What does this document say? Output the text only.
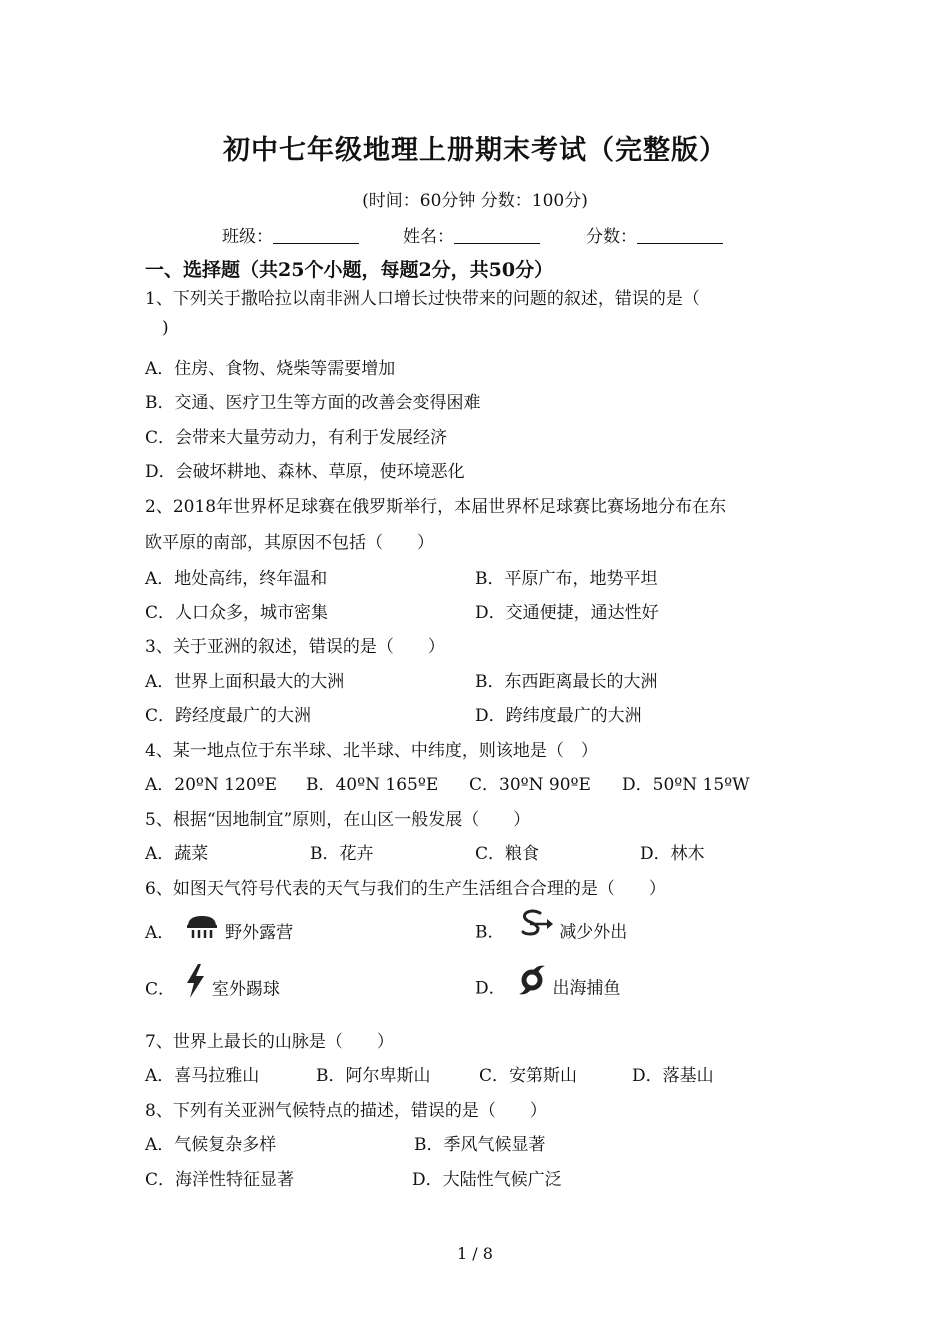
初中七年级地理上册期末考试（完整版）
(时间：60分钟 分数：100分)
班级：	姓名：	分数：
一、选择题（共25个小题，每题2分，共50分）
1、下列关于撒哈拉以南非洲人口增长过快带来的问题的叙述，错误的是（
)
A．住房、食物、烧柴等需要增加
B．交通、医疗卫生等方面的改善会变得困难
C．会带来大量劳动力，有利于发展经济
D．会破坏耕地、森林、草原，使环境恶化
2、2018年世界杯足球赛在俄罗斯举行，本届世界杯足球赛比赛场地分布在东
欧平原的南部，其原因不包括（　　）
A．地处高纬，终年温和	B．平原广布，地势平坦
C．人口众多，城市密集	D．交通便捷，通达性好
3、关于亚洲的叙述，错误的是（　　）
A．世界上面积最大的大洲	B．东西距离最长的大洲
C．跨经度最广的大洲	D．跨纬度最广的大洲
4、某一地点位于东半球、北半球、中纬度，则该地是（　）
A．20ºN 120ºE B．40ºN 165ºE C．30ºN 90ºE D．50ºN 15ºW
5、根据“因地制宜”原则，在山区一般发展（　　）
A．蔬菜	B．花卉	C．粮食	D．林木
6、如图天气符号代表的天气与我们的生产生活组合合理的是（　　）
A．	野外露营	B．	减少外出
C． 室外踢球	D．	出海捕鱼
7、世界上最长的山脉是（　　）
A．喜马拉雅山	B．阿尔卑斯山	C．安第斯山	D．落基山
8、下列有关亚洲气候特点的描述，错误的是（　　）
A．气候复杂多样	B．季风气候显著
C．海洋性特征显著	D．大陆性气候广泛
1 / 8
